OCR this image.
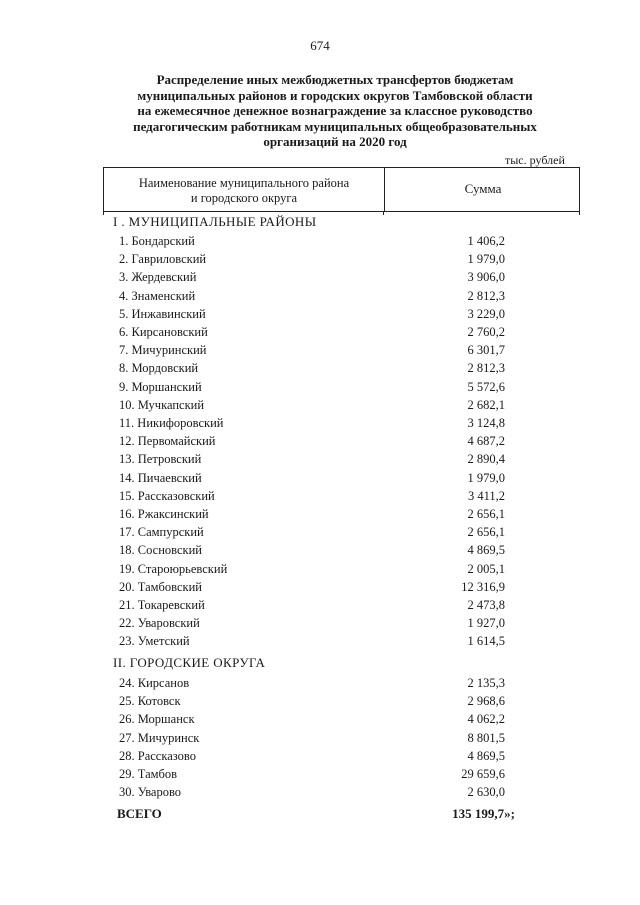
674
Распределение иных межбюджетных трансфертов бюджетам
муниципальных районов и городских округов Тамбовской области
на ежемесячное денежное вознаграждение за классное руководство
педагогическим работникам муниципальных общеобразовательных
организаций на 2020 год
тыс. рублей
Наименование муниципального района
и городского округа
Сумма
I . МУНИЦИПАЛЬНЫЕ РАЙОНЫ
II. ГОРОДСКИЕ ОКРУГА
1. Бондарский	1 406,2
2. Гавриловский	1 979,0
3. Жердевский	3 906,0
4. Знаменский	2 812,3
5. Инжавинский	3 229,0
6. Кирсановский	2 760,2
7. Мичуринский	6 301,7
8. Мордовский	2 812,3
9. Моршанский	5 572,6
10. Мучкапский	2 682,1
11. Никифоровский	3 124,8
12. Первомайский	4 687,2
13. Петровский	2 890,4
14. Пичаевский	1 979,0
15. Рассказовский	3 411,2
16. Ржаксинский	2 656,1
17. Сампурский	2 656,1
18. Сосновский	4 869,5
19. Староюрьевский	2 005,1
20. Тамбовский	12 316,9
21. Токаревский	2 473,8
22. Уваровский	1 927,0
23. Уметский	1 614,5
24. Кирсанов	2 135,3
25. Котовск	2 968,6
26. Моршанск	4 062,2
27. Мичуринск	8 801,5
28. Рассказово	4 869,5
29. Тамбов	29 659,6
30. Уварово	2 630,0
ВСЕГО	135 199,7»;
